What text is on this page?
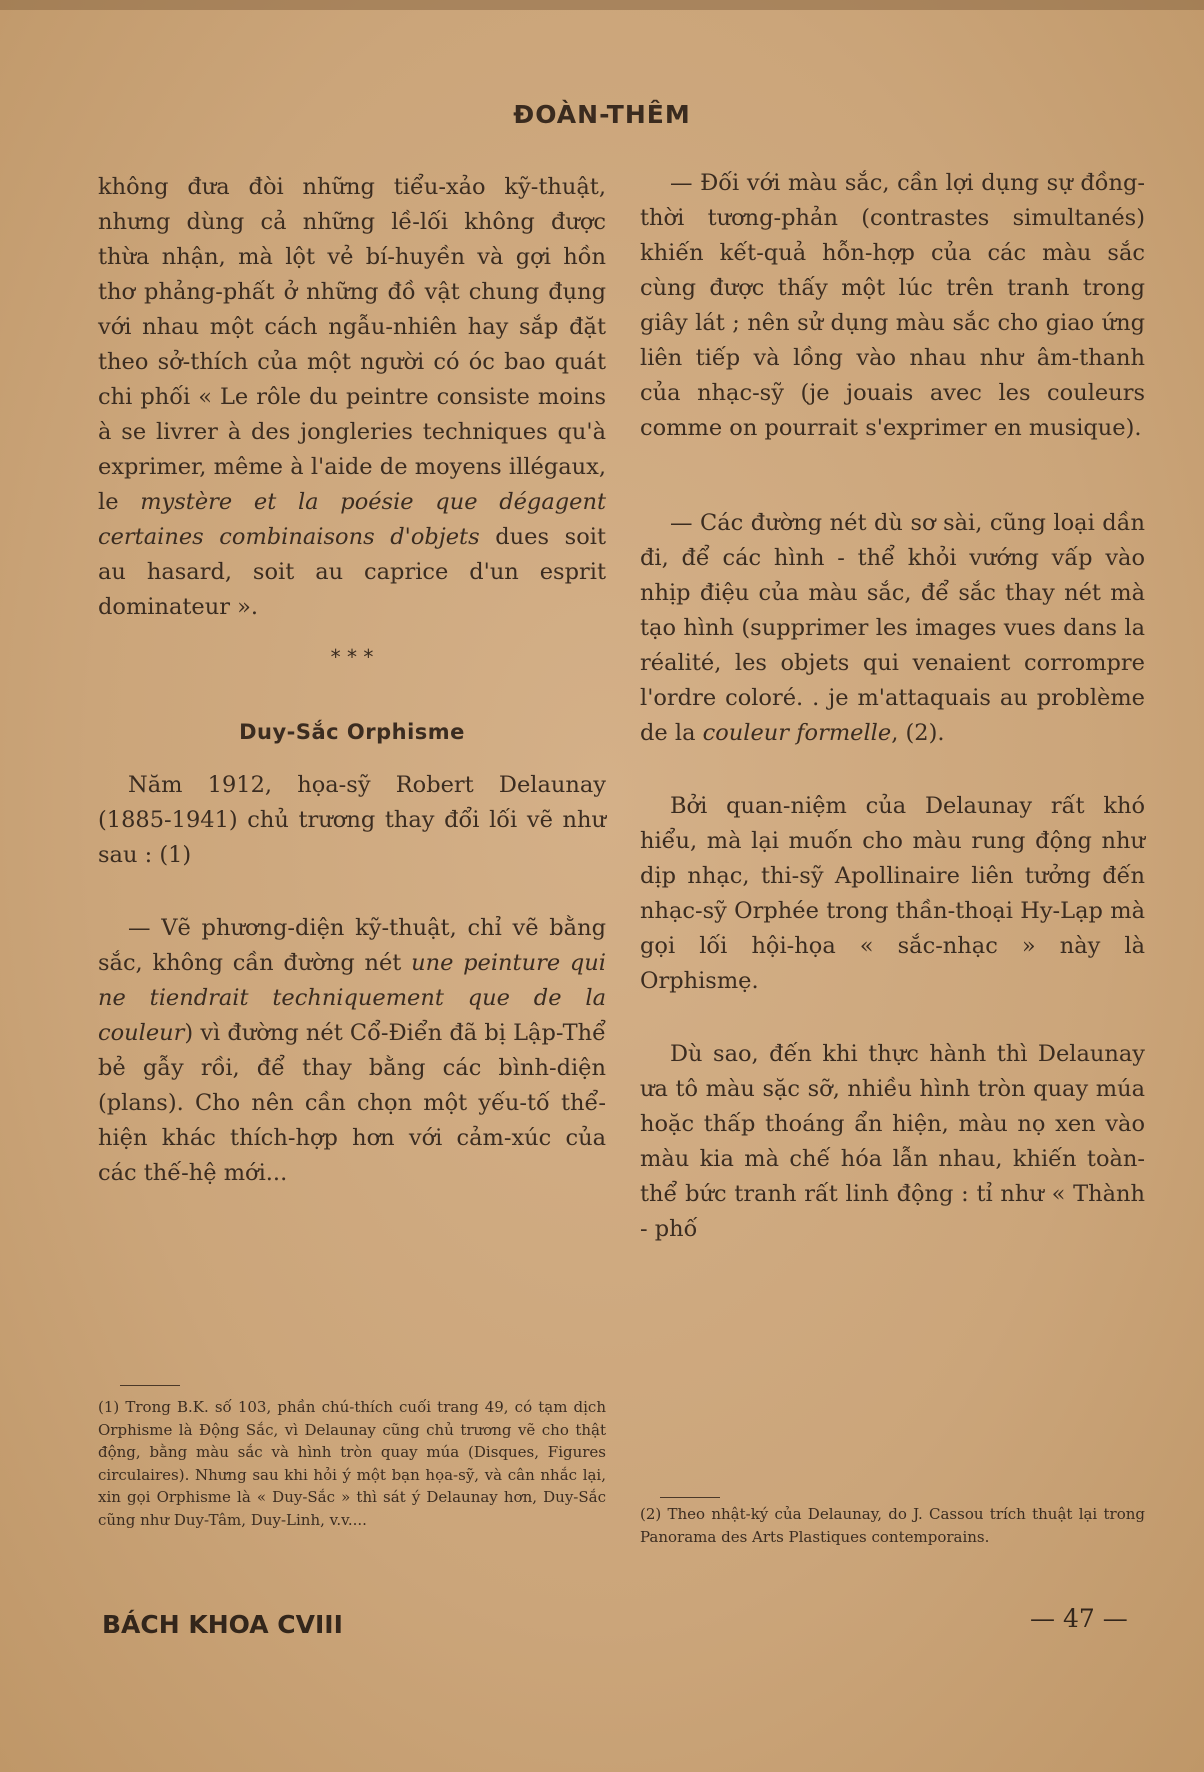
ĐOÀN-THÊM

không đưa đòi những tiểu-xảo kỹ-thuật, nhưng dùng cả những lề-lối không được thừa nhận, mà lột vẻ bí-huyền và gợi hồn thơ phảng-phất ở những đồ vật chung đụng với nhau một cách ngẫu-nhiên hay sắp đặt theo sở-thích của một người có óc bao quát chi phối « Le rôle du peintre consiste moins à se livrer à des jongleries techniques qu'à exprimer, même à l'aide de moyens illégaux, le mystère et la poésie que dégagent certaines combinaisons d'objets dues soit au hasard, soit au caprice d'un esprit dominateur ».

* * *
Duy-Sắc Orphisme

Năm 1912, họa-sỹ Robert Delaunay (1885-1941) chủ trương thay đổi lối vẽ như sau : (1)

— Vẽ phương-diện kỹ-thuật, chỉ vẽ bằng sắc, không cần đường nét une peinture qui ne tiendrait techniquement que de la couleur) vì đường nét Cổ-Điển đã bị Lập-Thể bẻ gẫy rồi, để thay bằng các bình-diện (plans). Cho nên cần chọn một yếu-tố thể-hiện khác thích-hợp hơn với cảm-xúc của các thế-hệ mới...

(1) Trong B.K. số 103, phần chú-thích cuối trang 49, có tạm dịch Orphisme là Động Sắc, vì Delaunay cũng chủ trương vẽ cho thật động, bằng màu sắc và hình tròn quay múa (Disques, Figures circulaires). Nhưng sau khi hỏi ý một bạn họa-sỹ, và cân nhắc lại, xin gọi Orphisme là « Duy-Sắc » thì sát ý Delaunay hơn, Duy-Sắc cũng như Duy-Tâm, Duy-Linh, v.v....

— Đối với màu sắc, cần lợi dụng sự đồng-thời tương-phản (contrastes simultanés) khiến kết-quả hỗn-hợp của các màu sắc cùng được thấy một lúc trên tranh trong giây lát ; nên sử dụng màu sắc cho giao ứng liên tiếp và lồng vào nhau như âm-thanh của nhạc-sỹ (je jouais avec les couleurs comme on pourrait s'exprimer en musique).

— Các đường nét dù sơ sài, cũng loại dần đi, để các hình - thể khỏi vướng vấp vào nhịp điệu của màu sắc, để sắc thay nét mà tạo hình (supprimer les images vues dans la réalité, les objets qui venaient corrompre l'ordre coloré. . je m'attaquais au problème de la couleur formelle, (2).

Bởi quan-niệm của Delaunay rất khó hiểu, mà lại muốn cho màu rung động như dịp nhạc, thi-sỹ Apollinaire liên tưởng đến nhạc-sỹ Orphée trong thần-thoại Hy-Lạp mà gọi lối hội-họa « sắc-nhạc » này là Orphismẹ.

Dù sao, đến khi thực hành thì Delaunay ưa tô màu sặc sỡ, nhiều hình tròn quay múa hoặc thấp thoáng ẩn hiện, màu nọ xen vào màu kia mà chế hóa lẫn nhau, khiến toàn-thể bức tranh rất linh động : tỉ như « Thành - phố

(2) Theo nhật-ký của Delaunay, do J. Cassou trích thuật lại trong Panorama des Arts Plastiques contemporains.
BÁCH KHOA CVIII	— 47 —
